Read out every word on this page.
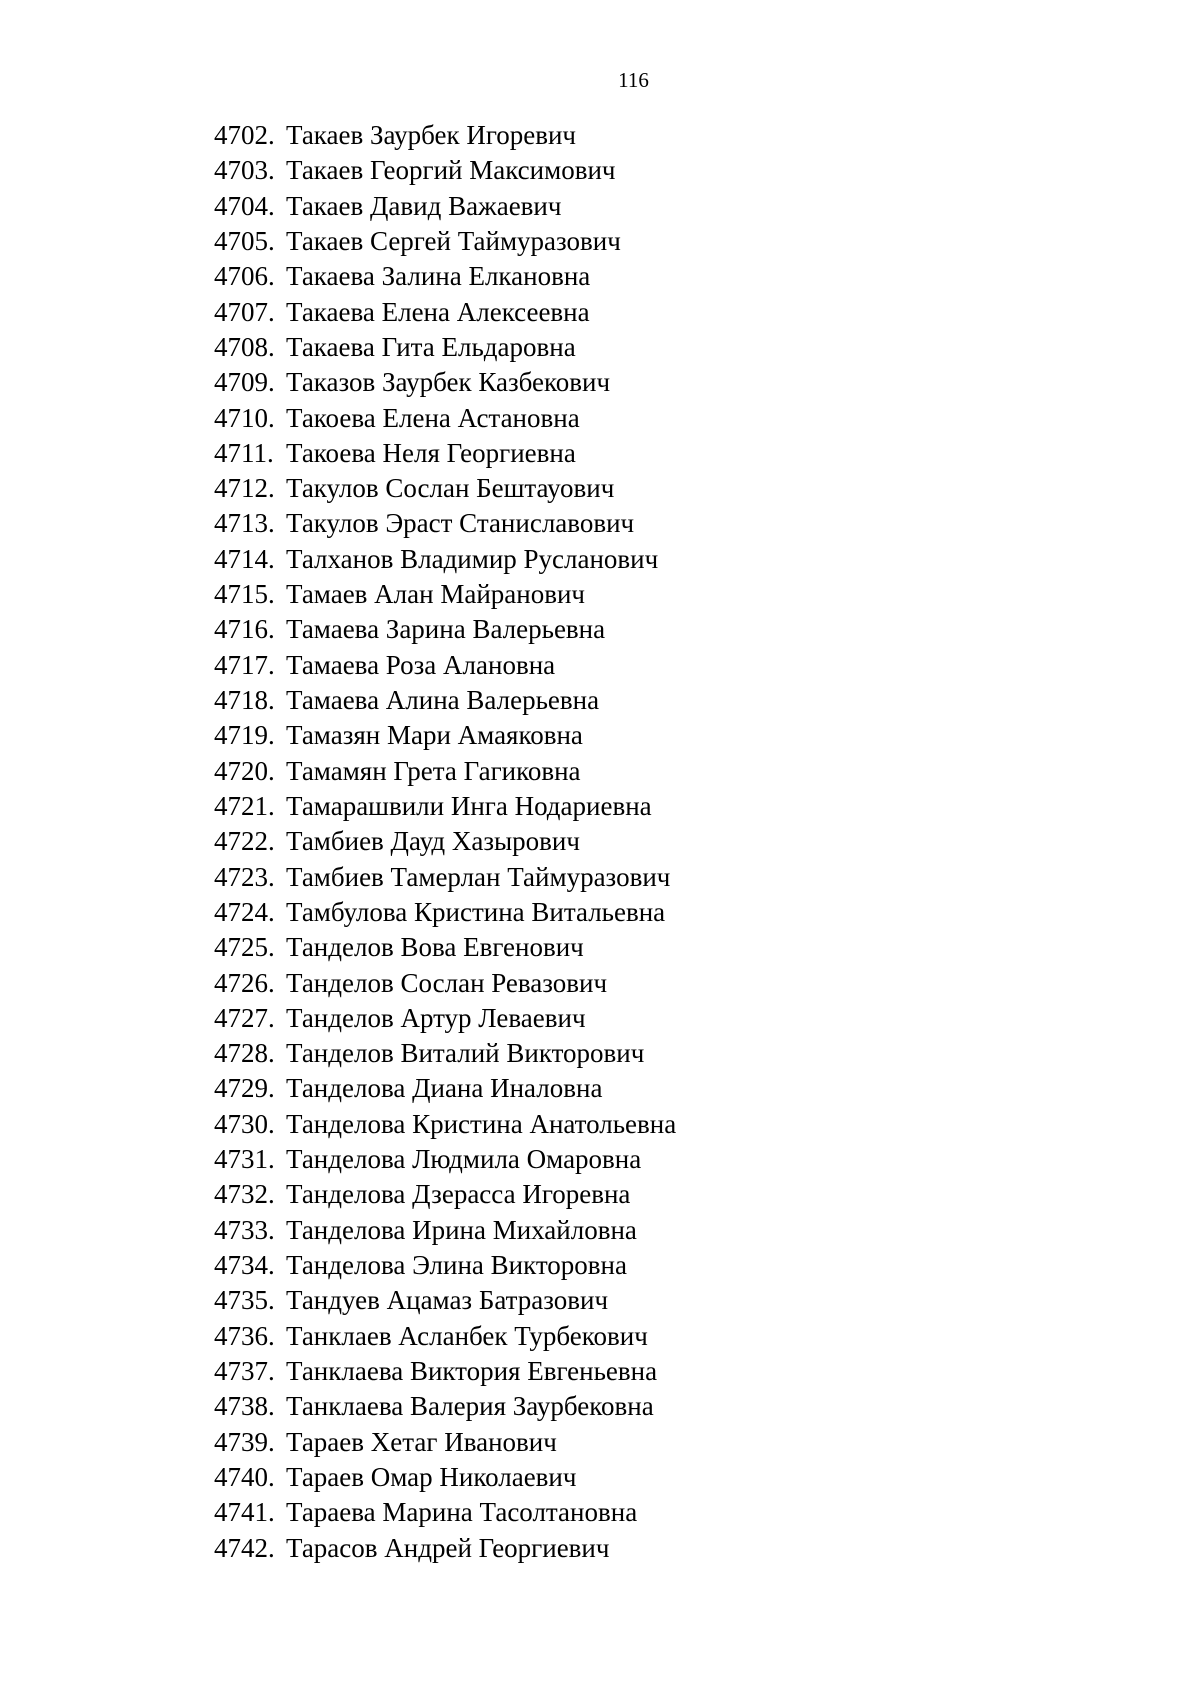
116
4702. Такаев Заурбек Игоревич
4703. Такаев Георгий Максимович
4704. Такаев Давид Важаевич
4705. Такаев Сергей Таймуразович
4706. Такаева Залина Елкановна
4707. Такаева Елена Алексеевна
4708. Такаева Гита Ельдаровна
4709. Таказов Заурбек Казбекович
4710. Такоева Елена Астановна
4711. Такоева Неля Георгиевна
4712. Такулов Сослан Бештауович
4713. Такулов Эраст Станиславович
4714. Талханов Владимир Русланович
4715. Тамаев Алан Майранович
4716. Тамаева Зарина Валерьевна
4717. Тамаева Роза Алановна
4718. Тамаева Алина Валерьевна
4719. Тамазян Мари Амаяковна
4720. Тамамян Грета Гагиковна
4721. Тамарашвили Инга Нодариевна
4722. Тамбиев Дауд Хазырович
4723. Тамбиев Тамерлан Таймуразович
4724. Тамбулова Кристина Витальевна
4725. Танделов Вова Евгенович
4726. Танделов Сослан Ревазович
4727. Танделов Артур Леваевич
4728. Танделов Виталий Викторович
4729. Танделова Диана Иналовна
4730. Танделова Кристина Анатольевна
4731. Танделова Людмила Омаровна
4732. Танделова Дзерасса Игоревна
4733. Танделова Ирина Михайловна
4734. Танделова Элина Викторовна
4735. Тандуев Ацамаз Батразович
4736. Танклаев Асланбек Турбекович
4737. Танклаева Виктория Евгеньевна
4738. Танклаева Валерия Заурбековна
4739. Тараев Хетаг Иванович
4740. Тараев Омар Николаевич
4741. Тараева Марина Тасолтановна
4742. Тарасов Андрей Георгиевич
